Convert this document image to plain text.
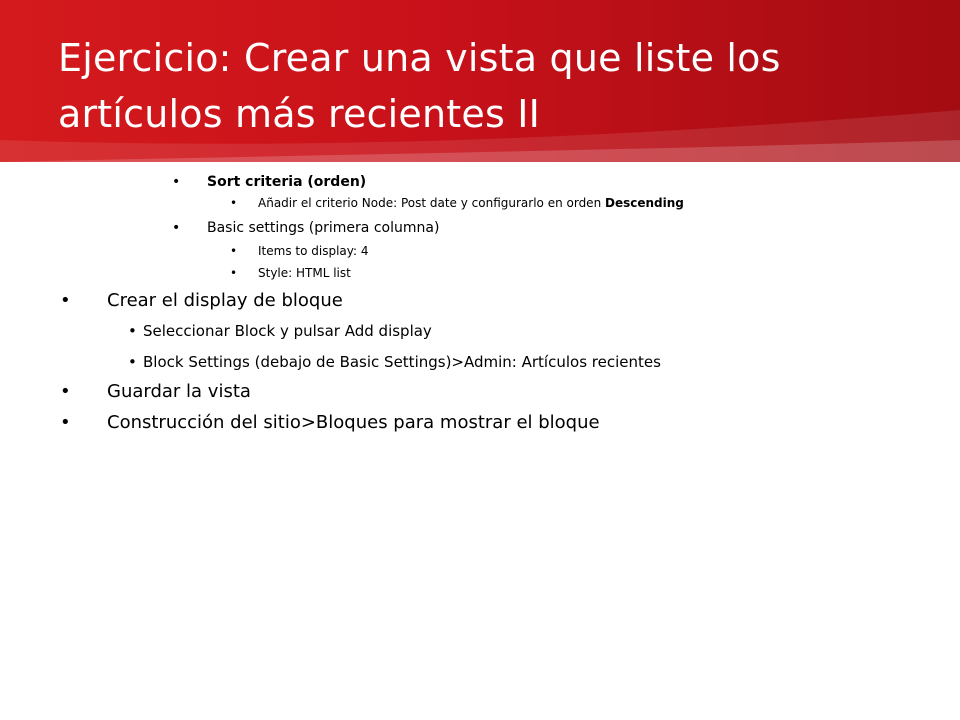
Ejercicio: Crear una vista que liste los artículos más recientes II
• Sort criteria (orden)
• Añadir el criterio Node: Post date y configurarlo en orden Descending
• Basic settings (primera columna)
• Items to display: 4
• Style: HTML list
• Crear el display de bloque
• Seleccionar Block y pulsar Add display
• Block Settings (debajo de Basic Settings)>Admin: Artículos recientes
• Guardar la vista
• Construcción del sitio>Bloques para mostrar el bloque
